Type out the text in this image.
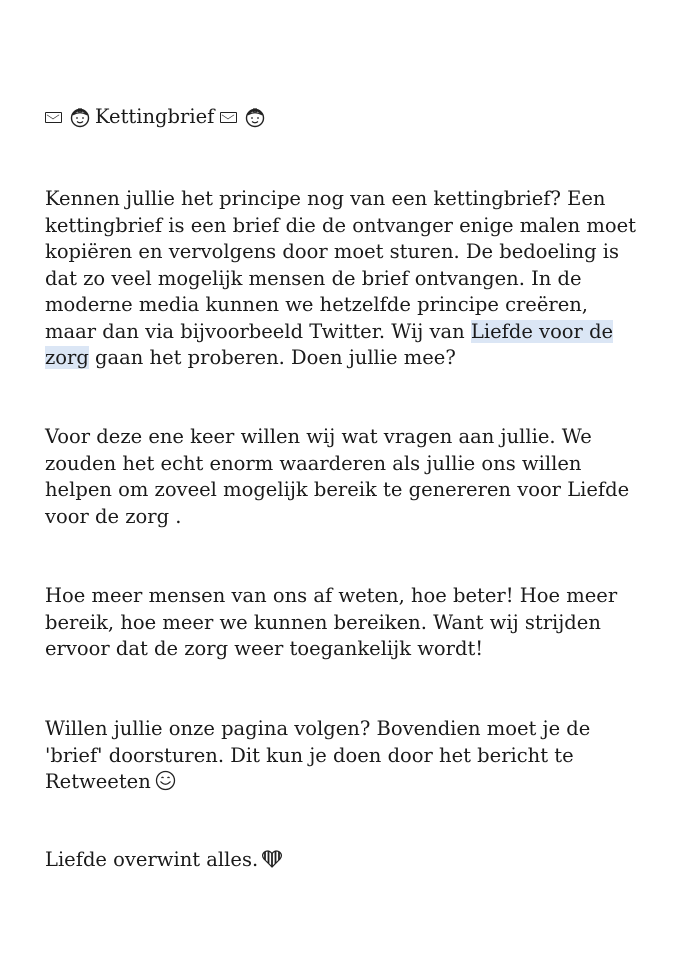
Kettingbrief
Kennen jullie het principe nog van een kettingbrief? Een
kettingbrief is een brief die de ontvanger enige malen moet
kopiëren en vervolgens door moet sturen. De bedoeling is
dat zo veel mogelijk mensen de brief ontvangen. In de
moderne media kunnen we hetzelfde principe creëren,
maar dan via bijvoorbeeld Twitter. Wij van Liefde voor de
zorg gaan het proberen. Doen jullie mee?
Voor deze ene keer willen wij wat vragen aan jullie. We
zouden het echt enorm waarderen als jullie ons willen
helpen om zoveel mogelijk bereik te genereren voor Liefde
voor de zorg .
Hoe meer mensen van ons af weten, hoe beter! Hoe meer
bereik, hoe meer we kunnen bereiken. Want wij strijden
ervoor dat de zorg weer toegankelijk wordt!
Willen jullie onze pagina volgen? Bovendien moet je de
'brief' doorsturen. Dit kun je doen door het bericht te
Retweeten
Liefde overwint alles.
